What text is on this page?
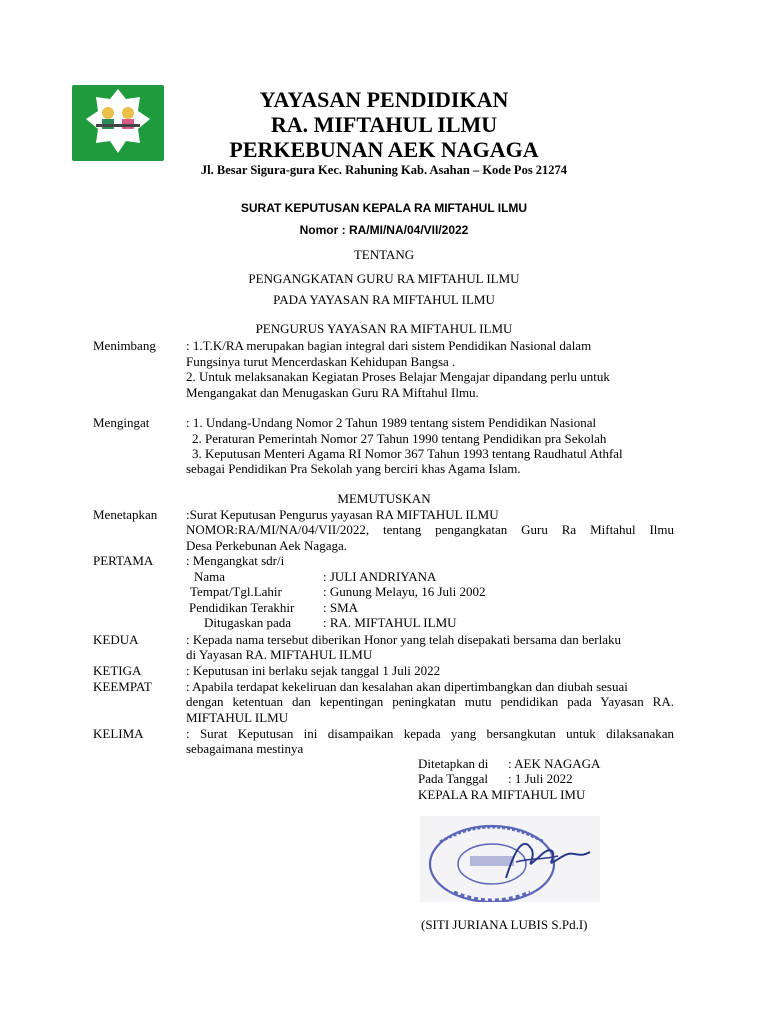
YAYASAN PENDIDIKAN
RA. MIFTAHUL ILMU
PERKEBUNAN AEK NAGAGA
Jl. Besar Sigura-gura Kec. Rahuning Kab. Asahan – Kode Pos 21274
SURAT KEPUTUSAN KEPALA RA MIFTAHUL ILMU
Nomor : RA/MI/NA/04/VII/2022
TENTANG
PENGANGKATAN GURU RA MIFTAHUL ILMU
PADA YAYASAN RA MIFTAHUL ILMU
PENGURUS YAYASAN RA MIFTAHUL ILMU
Menimbang : 1.T.K/RA merupakan bagian integral dari sistem Pendidikan Nasional dalam
Fungsinya turut Mencerdaskan Kehidupan Bangsa .
2. Untuk melaksanakan Kegiatan Proses Belajar Mengajar dipandang perlu untuk
Mengangakat dan Menugaskan Guru RA Miftahul Ilmu.
Mengingat	: 1. Undang-Undang Nomor 2 Tahun 1989 tentang sistem Pendidikan Nasional
2. Peraturan Pemerintah Nomor 27 Tahun 1990 tentang Pendidikan pra Sekolah
3. Keputusan Menteri Agama RI Nomor 367 Tahun 1993 tentang Raudhatul Athfal
sebagai Pendidikan Pra Sekolah yang berciri khas Agama Islam.
MEMUTUSKAN
Menetapkan :Surat Keputusan Pengurus yayasan RA MIFTAHUL ILMU
NOMOR:RA/MI/NA/04/VII/2022, tentang pengangkatan Guru Ra Miftahul Ilmu
Desa Perkebunan Aek Nagaga.
PERTAMA	: Mengangkat sdr/i
Nama	: JULI ANDRIYANA
Tempat/Tgl.Lahir	: Gunung Melayu, 16 Juli 2002
Pendidikan Terakhir : SMA
Ditugaskan pada : RA. MIFTAHUL ILMU
KEDUA	: Kepada nama tersebut diberikan Honor yang telah disepakati bersama dan berlaku
di Yayasan RA. MIFTAHUL ILMU
KETIGA	: Keputusan ini berlaku sejak tanggal 1 Juli 2022
KEEMPAT	: Apabila terdapat kekeliruan dan kesalahan akan dipertimbangkan dan diubah sesuai
dengan ketentuan dan kepentingan peningkatan mutu pendidikan pada Yayasan RA.
MIFTAHUL ILMU
KELIMA	: Surat Keputusan ini disampaikan kepada yang bersangkutan untuk dilaksanakan
sebagaimana mestinya
Ditetapkan di : AEK NAGAGA
Pada Tanggal : 1 Juli 2022
KEPALA RA MIFTAHUL IMU
(SITI JURIANA LUBIS S.Pd.I)
